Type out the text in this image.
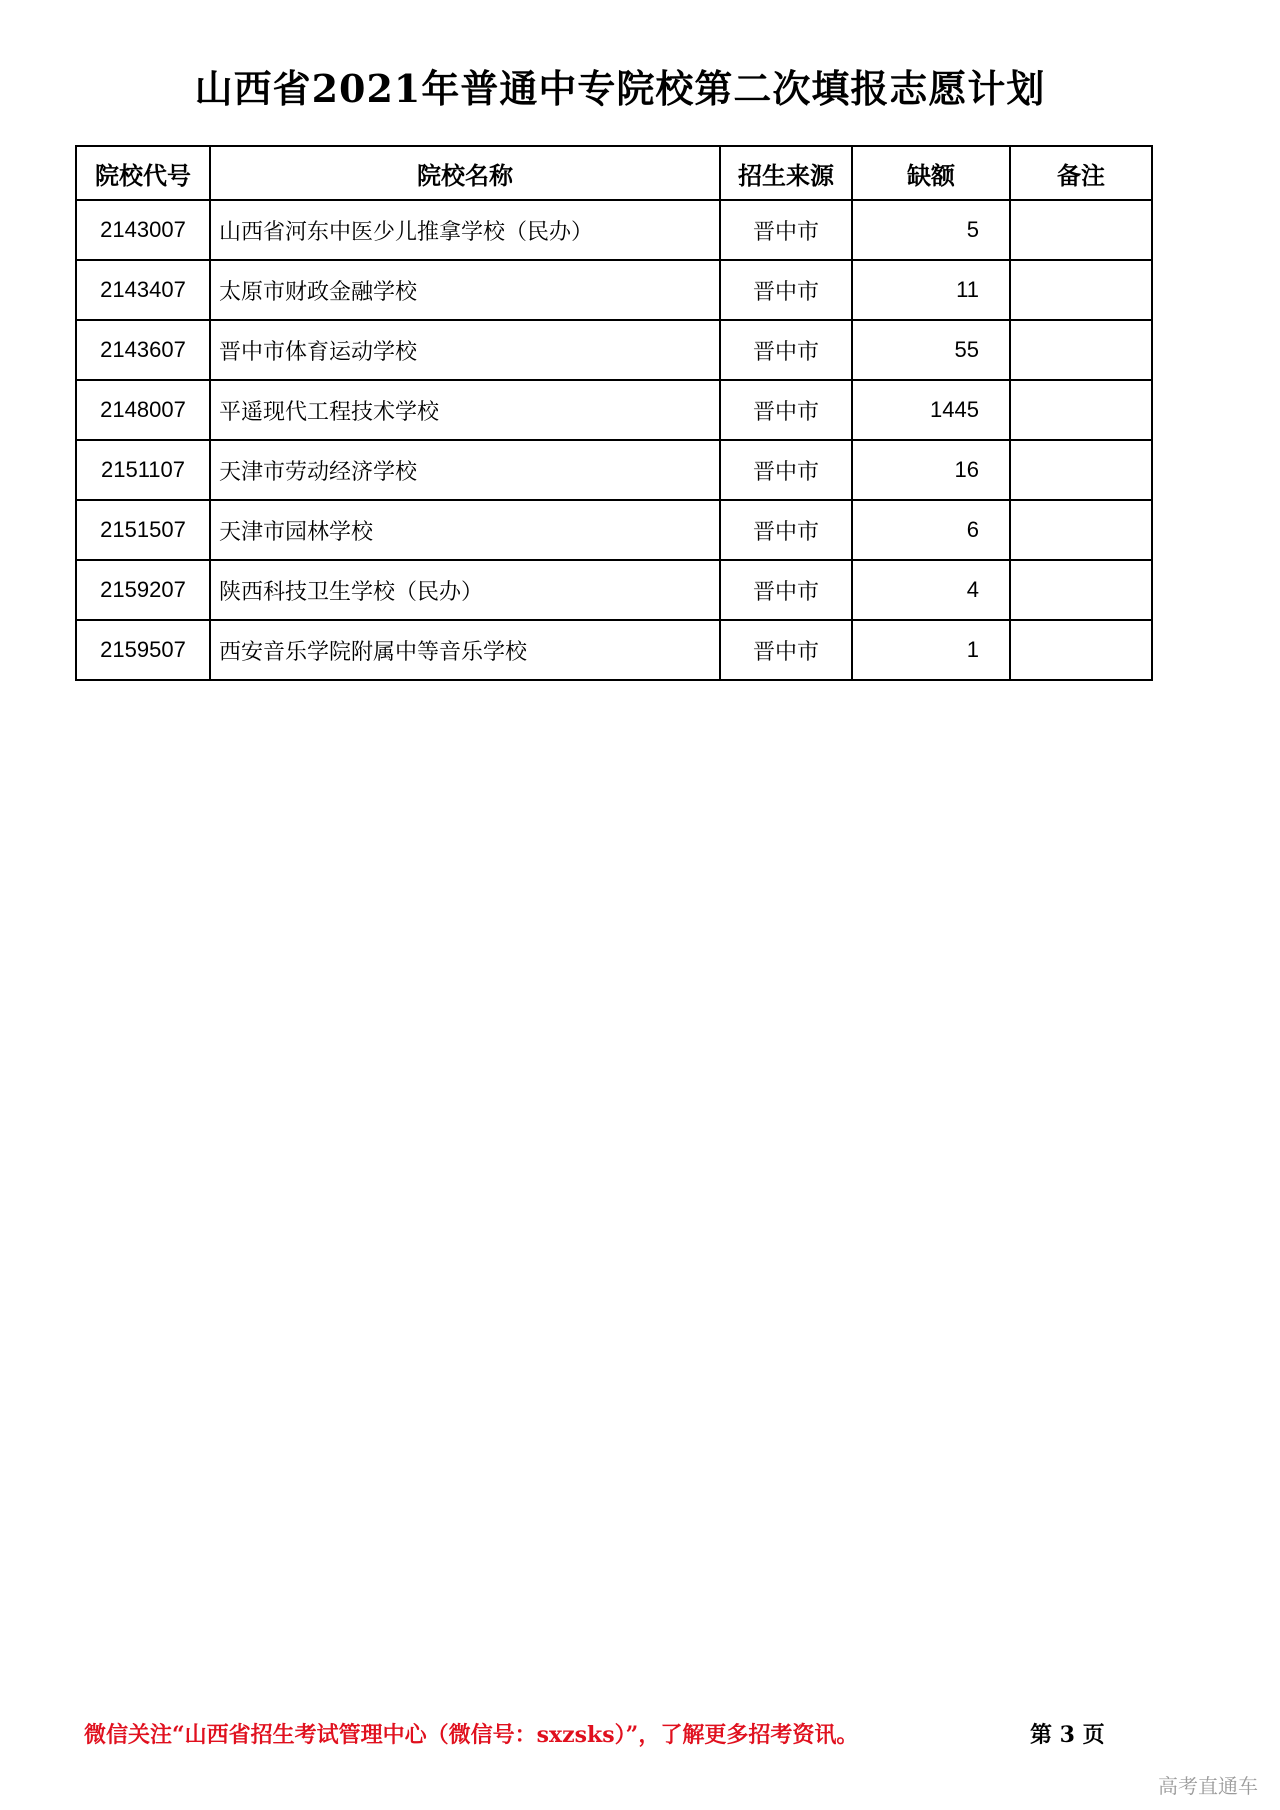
山西省2021年普通中专院校第二次填报志愿计划
院校代号	院校名称	招生来源	缺额	备注
2143007	山西省河东中医少儿推拿学校（民办）	晋中市	5	
2143407	太原市财政金融学校	晋中市	11	
2143607	晋中市体育运动学校	晋中市	55	
2148007	平遥现代工程技术学校	晋中市	1445	
2151107	天津市劳动经济学校	晋中市	16	
2151507	天津市园林学校	晋中市	6	
2159207	陕西科技卫生学校（民办）	晋中市	4	
2159507	西安音乐学院附属中等音乐学校	晋中市	1	
微信关注“山西省招生考试管理中心（微信号：sxzsks）”，了解更多招考资讯。	第 3 页
高考直通车
